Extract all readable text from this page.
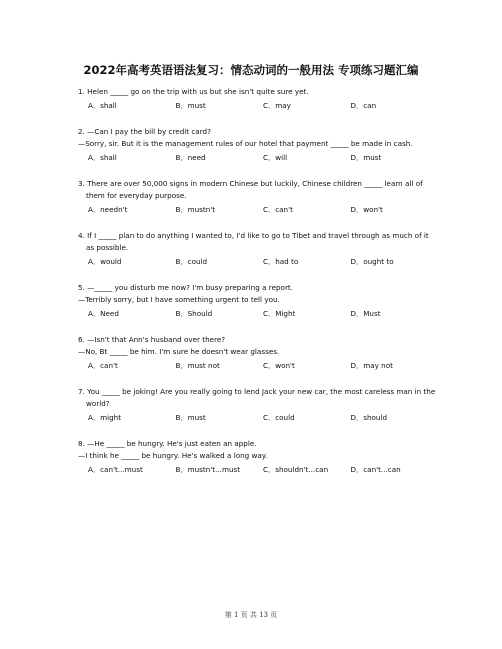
2022年高考英语语法复习：情态动词的一般用法 专项练习题汇编
1. Helen _____ go on the trip with us but she isn't quite sure yet.
A．shall	B．must	C．may	D．can
2. —Can I pay the bill by credit card?
—Sorry, sir. But it is the management rules of our hotel that payment _____ be made in cash.
A．shall	B．need	C．will	D．must
3. There are over 50,000 signs in modern Chinese but luckily, Chinese children _____ learn all of
them for everyday purpose.
A．needn't	B．mustn't	C．can't	D．won't
4. If I _____ plan to do anything I wanted to, I'd like to go to Tibet and travel through as much of it
as possible.
A．would	B．could	C．had to	D．ought to
5. —_____ you disturb me now? I'm busy preparing a report.
—Terribly sorry, but I have something urgent to tell you.
A．Need	B．Should	C．Might	D．Must
6. —Isn't that Ann's husband over there?
—No, Bt _____ be him. I'm sure he doesn't wear glasses.
A．can't	B．must not	C．won't	D．may not
7. You _____ be joking! Are you really going to lend Jack your new car, the most careless man in the
world?
A．might	B．must	C．could	D．should
8. —He _____ be hungry. He's just eaten an apple.
—I think he _____ be hungry. He's walked a long way.
A．can't...must	B．mustn't...must	C．shouldn't...can	D．can't...can
第 1 页 共 13 页
